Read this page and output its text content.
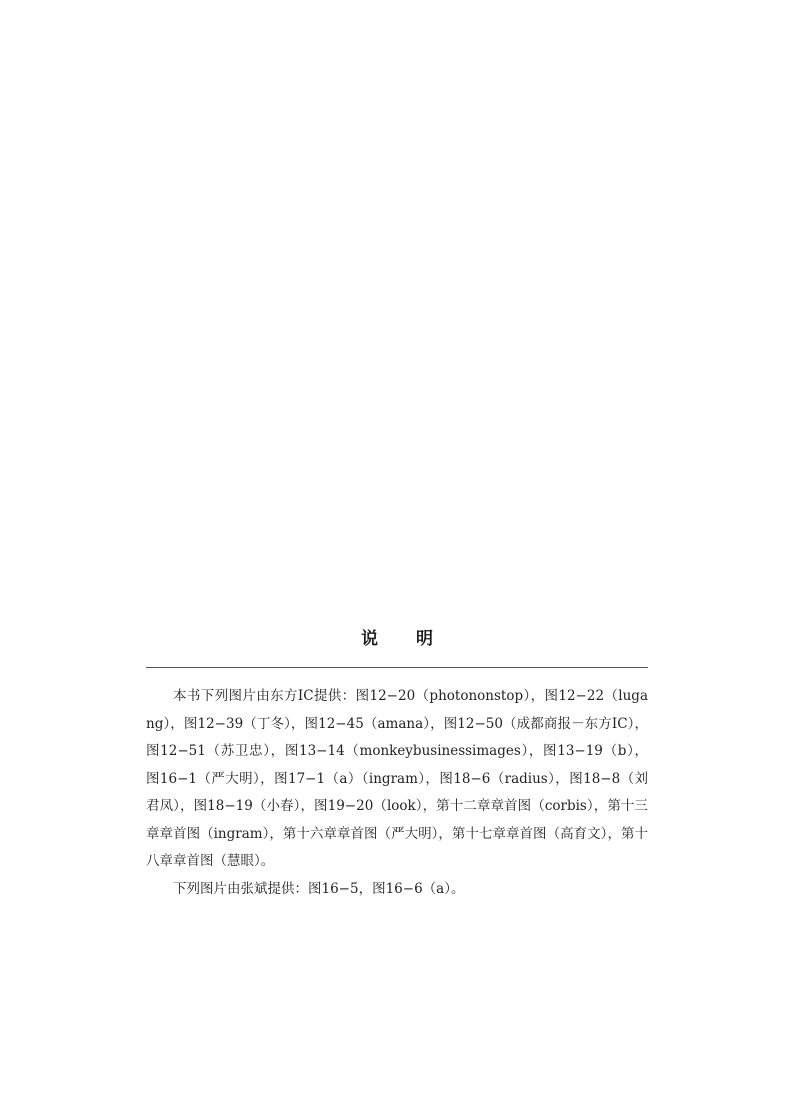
说 明

本书下列图片由东方IC提供：图12−20（photononstop），图12−22（lugang），图12−39（丁冬），图12−45（amana），图12−50（成都商报－东方IC），图12−51（苏卫忠），图13−14（monkeybusinessimages），图13−19（b），图16−1（严大明），图17−1（a）（ingram），图18−6（radius），图18−8（刘君凤），图18−19（小春），图19−20（look），第十二章章首图（corbis），第十三章章首图（ingram），第十六章章首图（严大明），第十七章章首图（高育文），第十八章章首图（慧眼）。

下列图片由张斌提供：图16−5，图16−6（a）。
